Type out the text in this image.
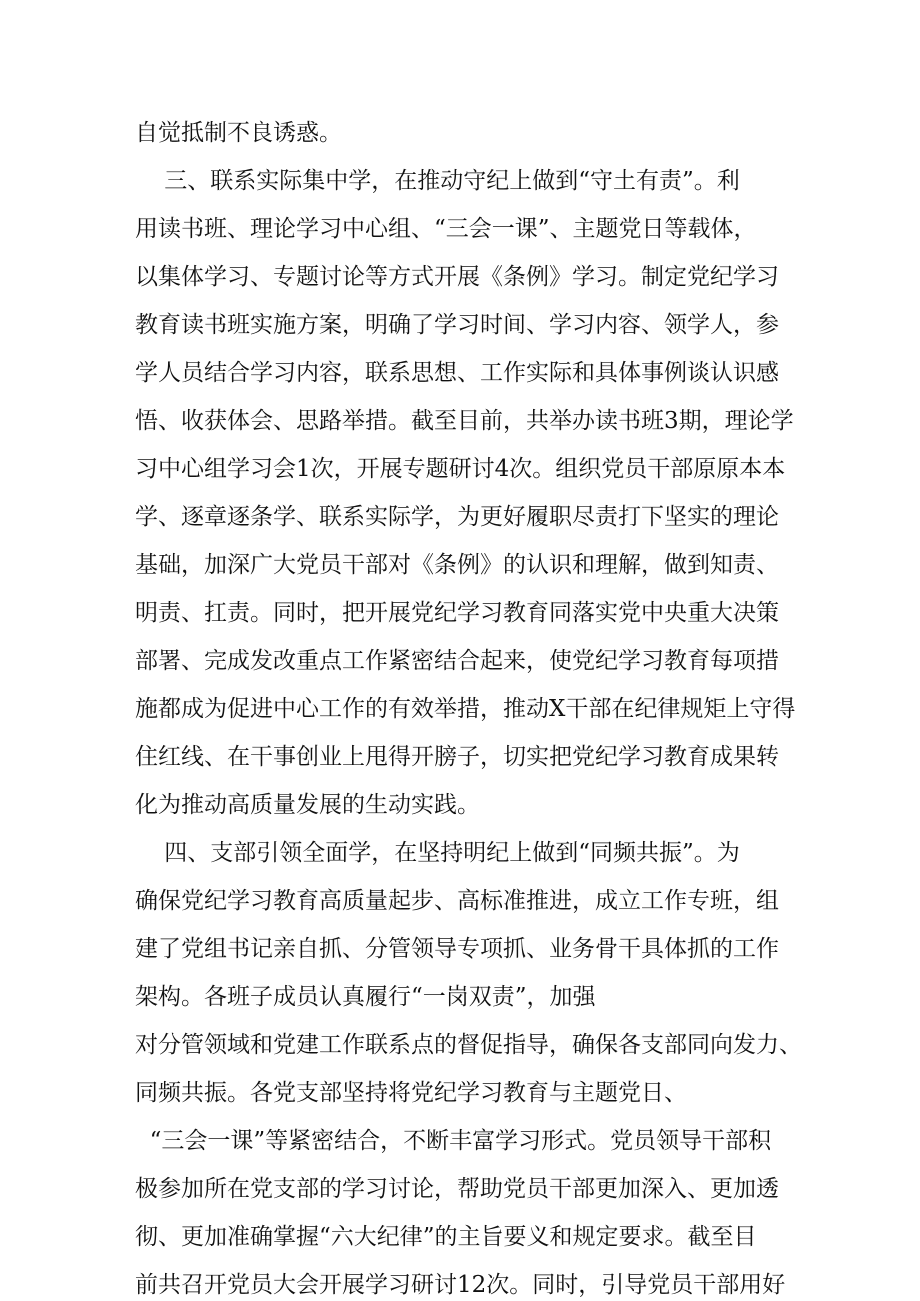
自觉抵制不良诱惑。
三、联系实际集中学，在推动守纪上做到“守土有责”。利
用读书班、理论学习中心组、“三会一课”、主题党日等载体，
以集体学习、专题讨论等方式开展《条例》学习。制定党纪学习
教育读书班实施方案，明确了学习时间、学习内容、领学人，参
学人员结合学习内容，联系思想、工作实际和具体事例谈认识感
悟、收获体会、思路举措。截至目前，共举办读书班3期，理论学
习中心组学习会1次，开展专题研讨4次。组织党员干部原原本本
学、逐章逐条学、联系实际学，为更好履职尽责打下坚实的理论
基础，加深广大党员干部对《条例》的认识和理解，做到知责、
明责、扛责。同时，把开展党纪学习教育同落实党中央重大决策
部署、完成发改重点工作紧密结合起来，使党纪学习教育每项措
施都成为促进中心工作的有效举措，推动X干部在纪律规矩上守得
住红线、在干事创业上甩得开膀子，切实把党纪学习教育成果转
化为推动高质量发展的生动实践。
四、支部引领全面学，在坚持明纪上做到“同频共振”。为
确保党纪学习教育高质量起步、高标准推进，成立工作专班，组
建了党组书记亲自抓、分管领导专项抓、业务骨干具体抓的工作
架构。各班子成员认真履行“一岗双责”，加强
对分管领域和党建工作联系点的督促指导，确保各支部同向发力、
同频共振。各党支部坚持将党纪学习教育与主题党日、
“三会一课”等紧密结合，不断丰富学习形式。党员领导干部积
极参加所在党支部的学习讨论，帮助党员干部更加深入、更加透
彻、更加准确掌握“六大纪律”的主旨要义和规定要求。截至目
前共召开党员大会开展学习研讨12次。同时，引导党员干部用好
